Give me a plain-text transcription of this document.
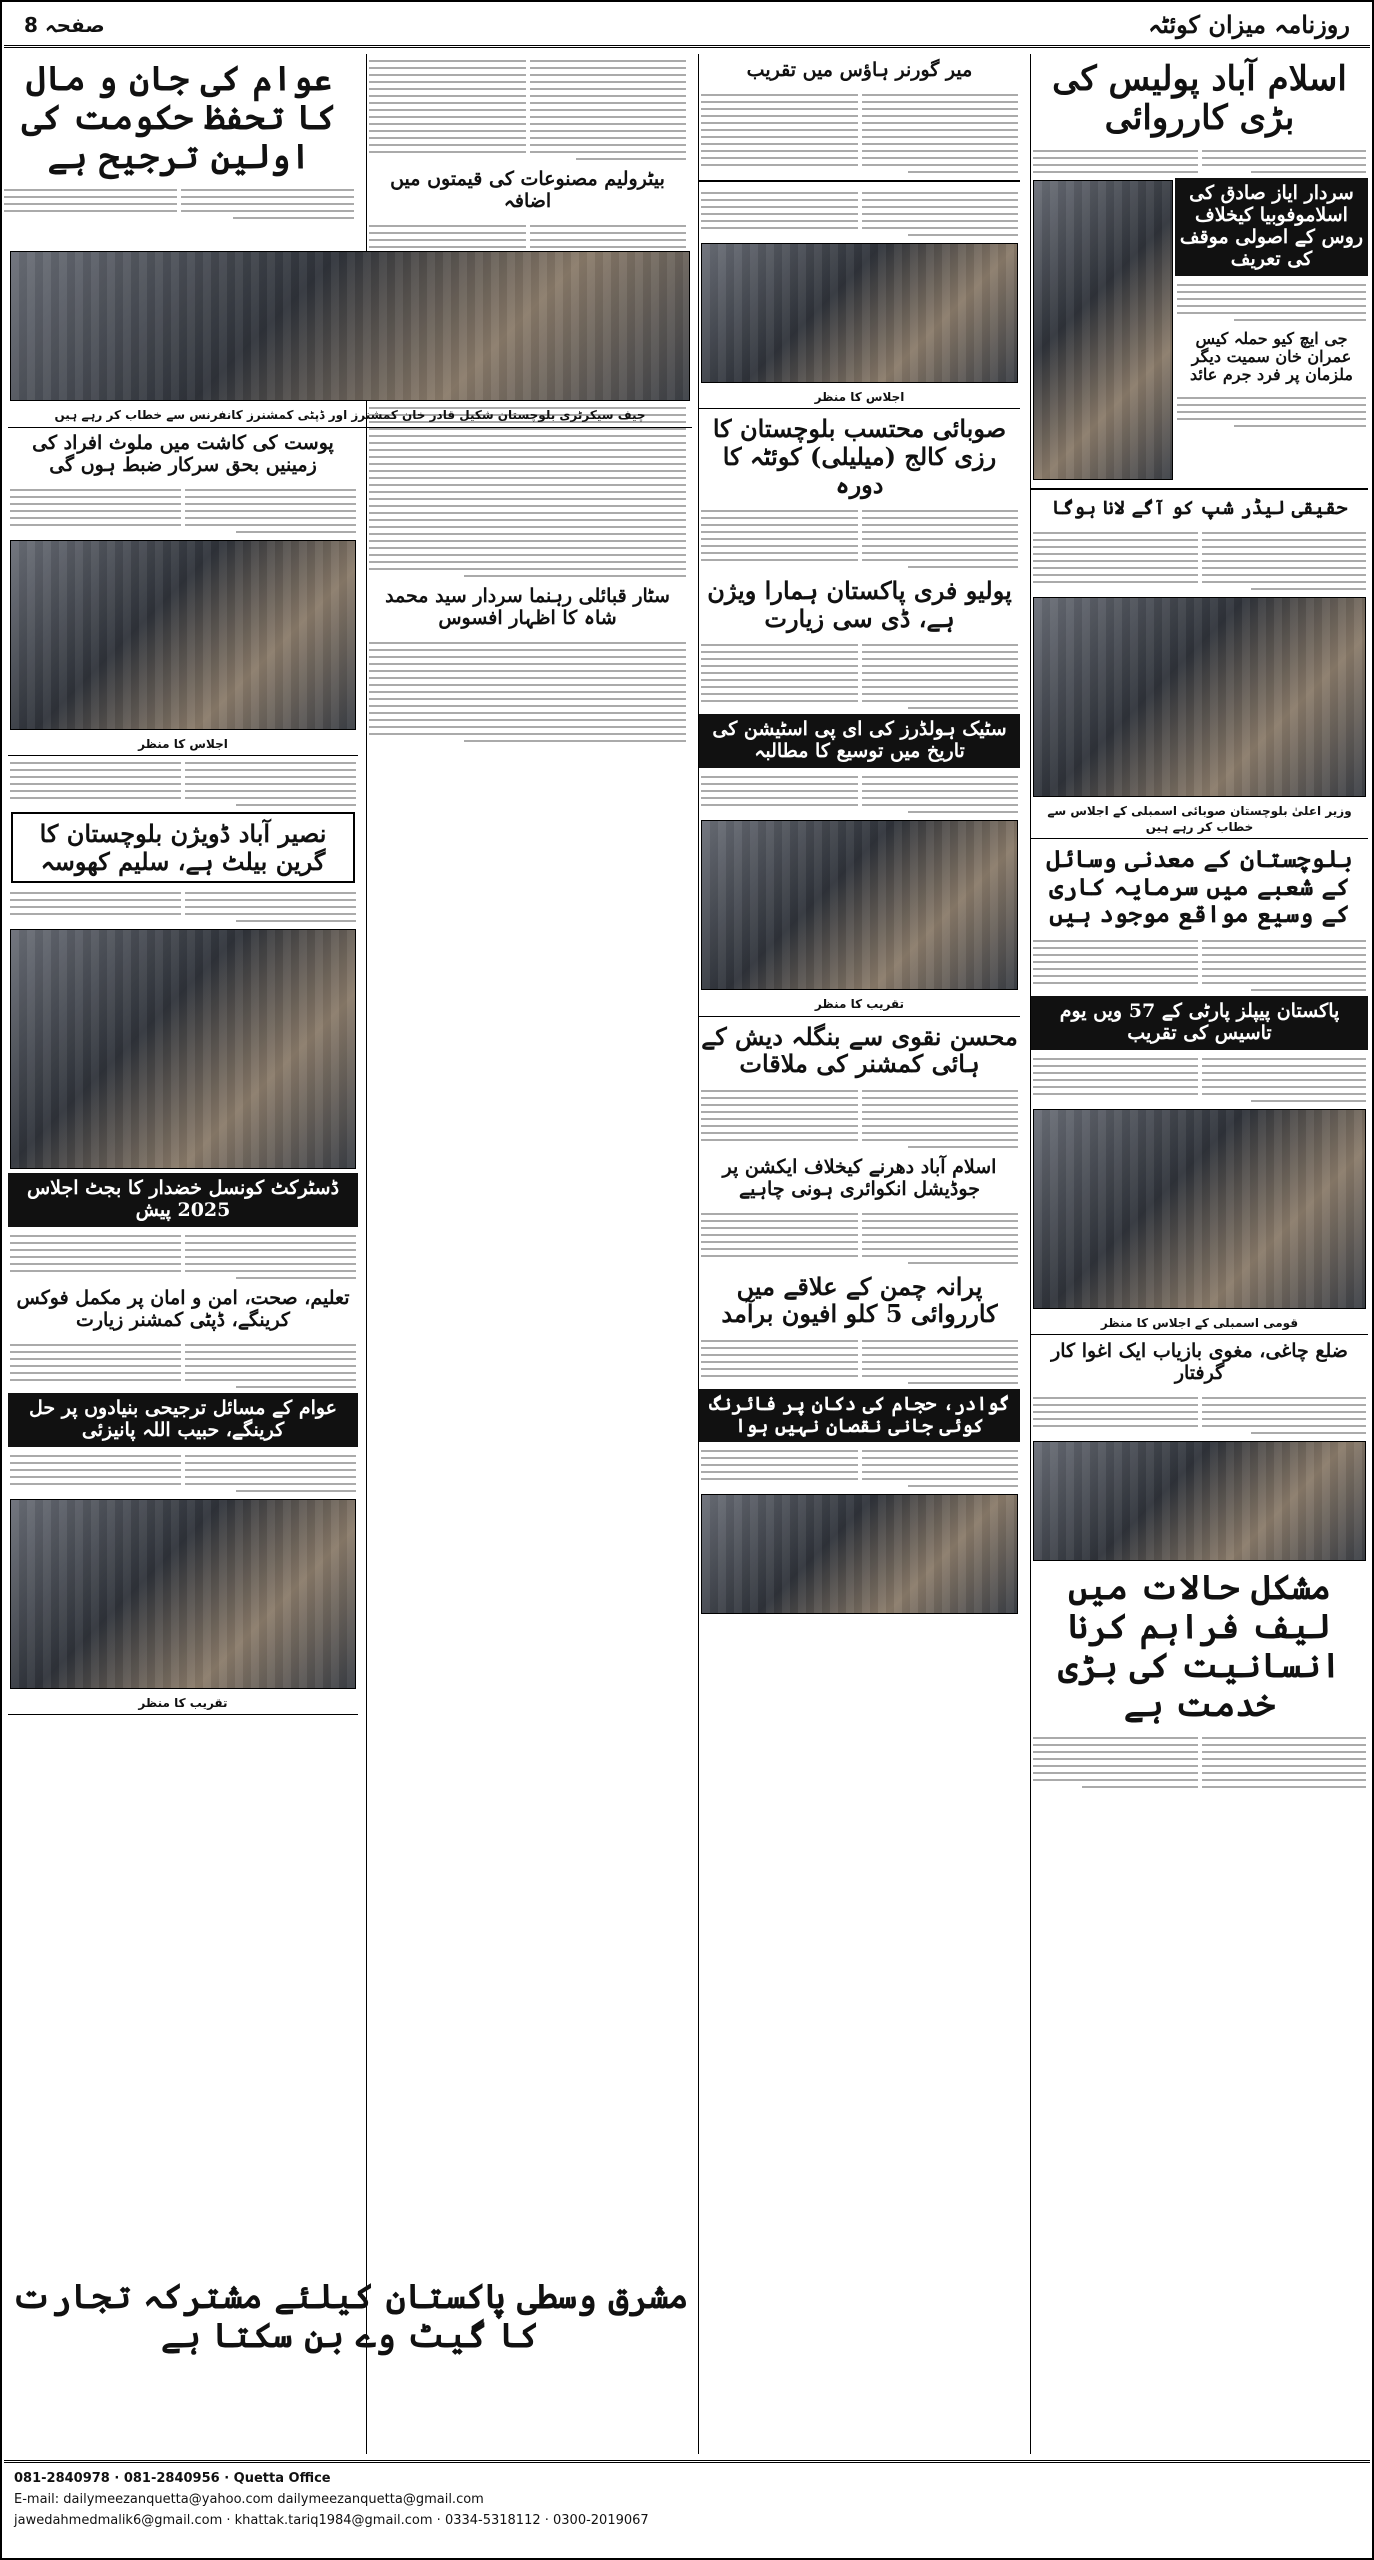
روزنامہ میزان کوئٹہ
صفحہ 8
اسلام آباد پولیس کی بڑی کارروائی
سردار ایاز صادق کی اسلاموفوبیا کیخلاف روس کے اصولی موقف کی تعریف
جی ایچ کیو حملہ کیس عمران خان سمیت دیگر ملزمان پر فرد جرم عائد
حقیقی لیڈر شپ کو آگے لانا ہوگا
وزیر اعلیٰ بلوچستان صوبائی اسمبلی کے اجلاس سے خطاب کر رہے ہیں
بلوچستان کے معدنی وسائل کے شعبے میں سرمایہ کاری کے وسیع مواقع موجود ہیں
پاکستان پیپلز پارٹی کے 57 ویں یوم تاسیس کی تقریب
قومی اسمبلی کے اجلاس کا منظر
ضلع چاغی، مغوی بازیاب ایک اغوا کار گرفتار
مشکل حالات میں لیف فراہم کرنا انسانیت کی بڑی خدمت ہے
میر گورنر ہاؤس میں تقریب
اجلاس کا منظر
صوبائی محتسب بلوچستان کا رزی کالج (میلیلی) کوئٹہ کا دورہ
پولیو فری پاکستان ہمارا ویژن ہے، ڈی سی زیارت
سٹیک ہولڈرز کی ای پی اسٹیشن کی تاریخ میں توسیع کا مطالبہ
تقریب کا منظر
محسن نقوی سے بنگلہ دیش کے ہائی کمشنر کی ملاقات
اسلام آباد دھرنے کیخلاف ایکشن پر جوڈیشل انکوائری ہونی چاہیے
پرانہ چمن کے علاقے میں کارروائی 5 کلو افیون برآمد
گوادر، حجام کی دکان پر فائرنگ کوئی جانی نقصان نہیں ہوا
بیٹرولیم مصنوعات کی قیمتوں میں اضافہ
سٹار قبائلی رہنما سردار سید محمد شاہ کا اظہار افسوس
عوام کی جان و مال کا تحفظ حکومت کی اولین ترجیح ہے
چیف سیکرٹری بلوچستان شکیل قادر خان کمشنرز اور ڈپٹی کمشنرز کانفرنس سے خطاب کر رہے ہیں
پوست کی کاشت میں ملوث افراد کی زمینیں بحق سرکار ضبط ہوں گی
اجلاس کا منظر
نصیر آباد ڈویژن بلوچستان کا گرین بیلٹ ہے، سلیم کھوسہ
ڈسٹرکٹ کونسل خضدار کا بجٹ اجلاس 2025 پیش
تعلیم، صحت، امن و امان پر مکمل فوکس کرینگے، ڈپٹی کمشنر زیارت
عوام کے مسائل ترجیحی بنیادوں پر حل کرینگے، حبیب اللہ پانیزئی
تقریب کا منظر
مشرق وسطی پاکستان کیلئے مشترکہ تجارت کا گیٹ وے بن سکتا ہے
081-2840978 · 081-2840956 · Quetta Office
E-mail: dailymeezanquetta@yahoo.com dailymeezanquetta@gmail.com
jawedahmedmalik6@gmail.com · khattak.tariq1984@gmail.com · 0334-5318112 · 0300-2019067
